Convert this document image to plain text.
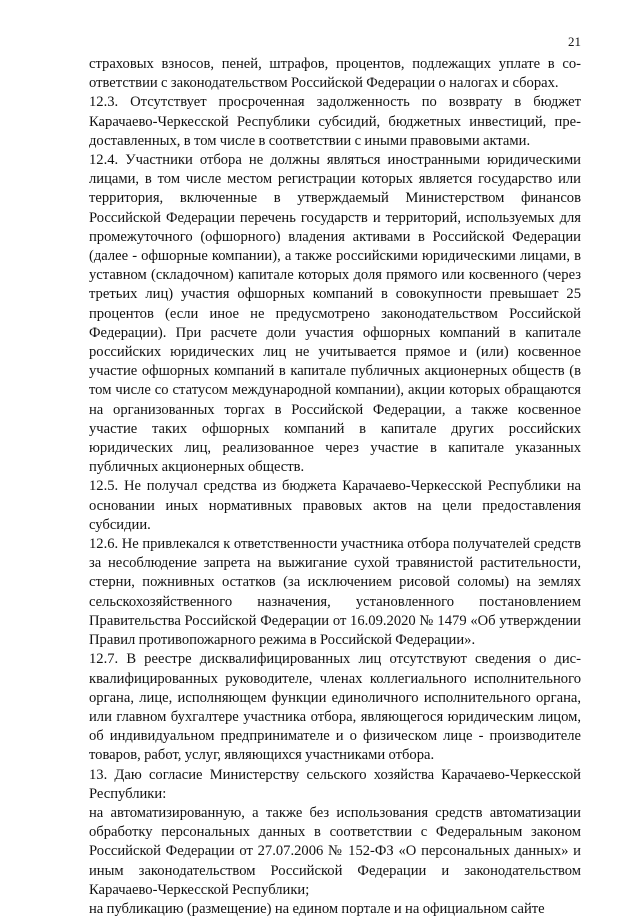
21

страховых взносов, пеней, штрафов, процентов, подлежащих уплате в соответствии с законодательством Российской Федерации о налогах и сборах.

12.3. Отсутствует просроченная задолженность по возврату в бюджет Карачаево-Черкесской Республики субсидий, бюджетных инвестиций, предоставленных, в том числе в соответствии с иными правовыми актами.

12.4. Участники отбора не должны являться иностранными юридическими лицами, в том числе местом регистрации которых является государство или территория, включенные в утверждаемый Министерством финансов Российской Федерации перечень государств и территорий, используемых для промежуточного (офшорного) владения активами в Российской Федерации (далее - офшорные компании), а также российскими юридическими лицами, в уставном (складочном) капитале которых доля прямого или косвенного (через третьих лиц) участия офшорных компаний в совокупности превышает 25 процентов (если иное не предусмотрено законодательством Российской Федерации). При расчете доли участия офшорных компаний в капитале российских юридических лиц не учитывается прямое и (или) косвенное участие офшорных компаний в капитале публичных акционерных обществ (в том числе со статусом международной компании), акции которых обращаются на организованных торгах в Российской Федерации, а также косвенное участие таких офшорных компаний в капитале других российских юридических лиц, реализованное через участие в капитале указанных публичных акционерных обществ.

12.5. Не получал средства из бюджета Карачаево-Черкесской Республики на основании иных нормативных правовых актов на цели предоставления субсидии.

12.6. Не привлекался к ответственности участника отбора получателей средств за несоблюдение запрета на выжигание сухой травянистой растительности, стерни, пожнивных остатков (за исключением рисовой соломы) на землях сельскохозяйственного назначения, установленного постановлением Правительства Российской Федерации от 16.09.2020 № 1479 «Об утверждении Правил противопожарного режима в Российской Федерации».

12.7. В реестре дисквалифицированных лиц отсутствуют сведения о дисквалифицированных руководителе, членах коллегиального исполнительного органа, лице, исполняющем функции единоличного исполнительного органа, или главном бухгалтере участника отбора, являющегося юридическим лицом, об индивидуальном предпринимателе и о физическом лице - производителе товаров, работ, услуг, являющихся участниками отбора.

13. Даю согласие Министерству сельского хозяйства Карачаево-Черкесской Республики:

на автоматизированную, а также без использования средств автоматизации обработку персональных данных в соответствии с Федеральным законом Российской Федерации от 27.07.2006 № 152-ФЗ «О персональных данных» и иным законодательством Российской Федерации и законодательством Карачаево-Черкесской Республики;

на публикацию (размещение) на едином портале и на официальном сайте
